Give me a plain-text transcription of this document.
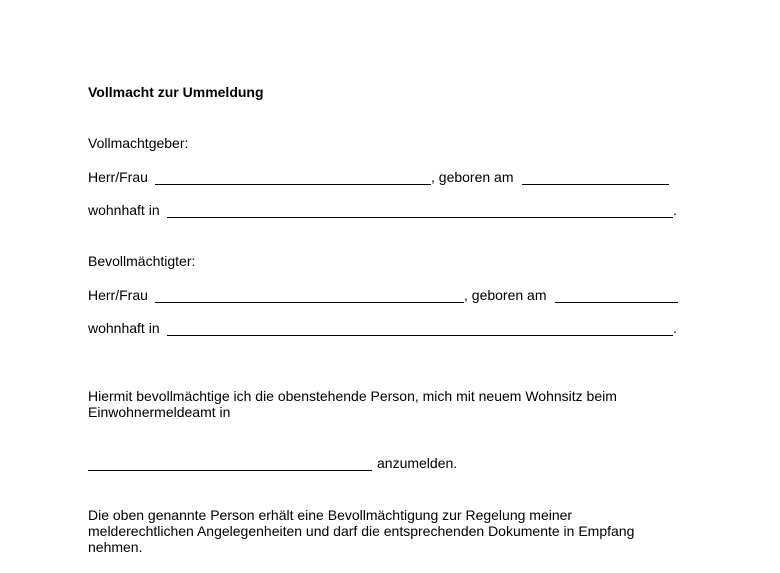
Vollmacht zur Ummeldung
Vollmachtgeber:
Herr/Frau	, geboren am
wohnhaft in	.
Bevollmächtigter:
Herr/Frau	, geboren am
wohnhaft in	.
Hiermit bevollmächtige ich die obenstehende Person, mich mit neuem Wohnsitz beim
Einwohnermeldeamt in
anzumelden.
Die oben genannte Person erhält eine Bevollmächtigung zur Regelung meiner
melderechtlichen Angelegenheiten und darf die entsprechenden Dokumente in Empfang
nehmen.
